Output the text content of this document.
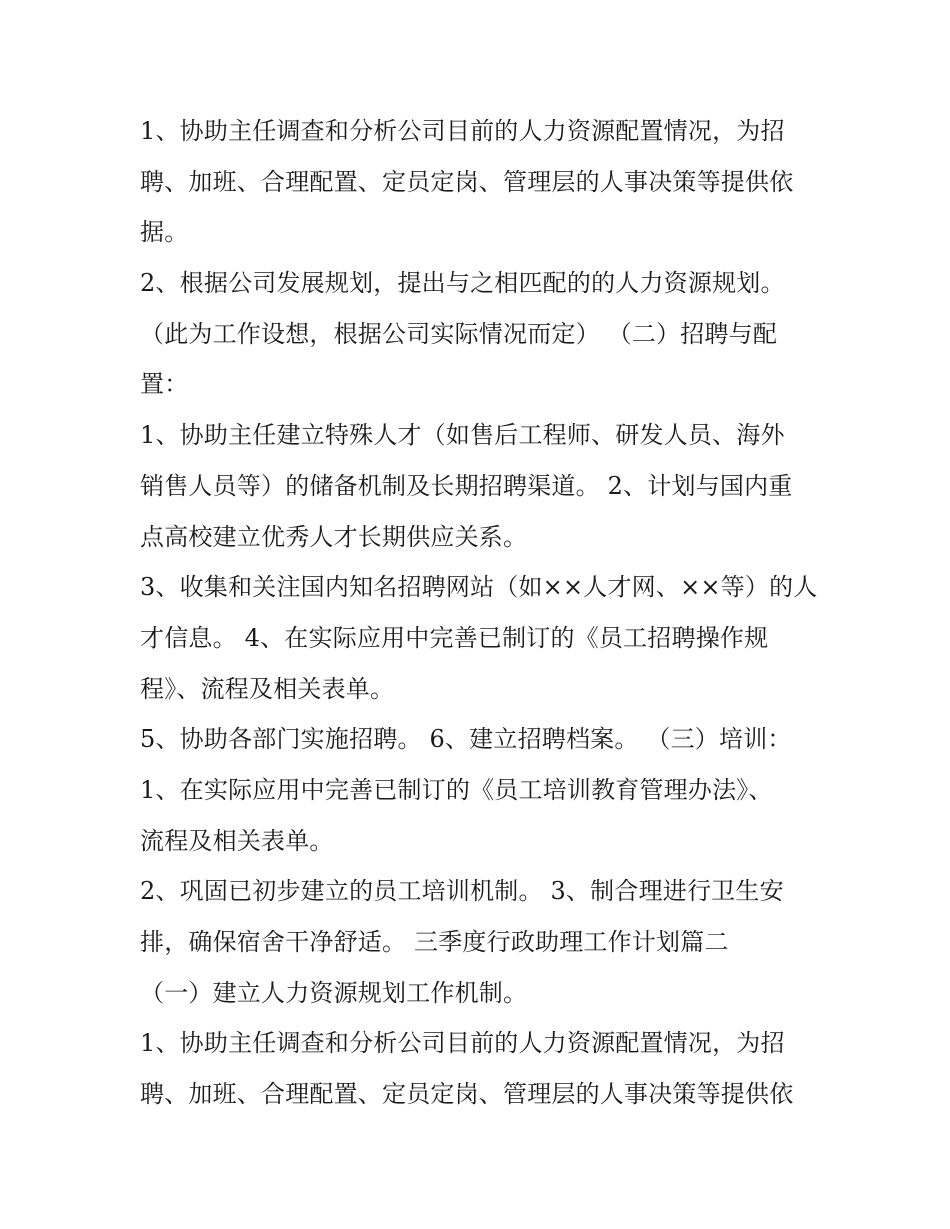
1、协助主任调查和分析公司目前的人力资源配置情况，为招
聘、加班、合理配置、定员定岗、管理层的人事决策等提供依
据。

2、根据公司发展规划，提出与之相匹配的的人力资源规划。
（此为工作设想，根据公司实际情况而定） （二）招聘与配
置：

1、协助主任建立特殊人才（如售后工程师、研发人员、海外
销售人员等）的储备机制及长期招聘渠道。 2、计划与国内重
点高校建立优秀人才长期供应关系。

3、收集和关注国内知名招聘网站（如××人才网、××等）的人
才信息。 4、在实际应用中完善已制订的《员工招聘操作规
程》、流程及相关表单。

5、协助各部门实施招聘。 6、建立招聘档案。 （三）培训：

1、在实际应用中完善已制订的《员工培训教育管理办法》、
流程及相关表单。

2、巩固已初步建立的员工培训机制。 3、制合理进行卫生安
排，确保宿舍干净舒适。 三季度行政助理工作计划篇二
（一）建立人力资源规划工作机制。

1、协助主任调查和分析公司目前的人力资源配置情况，为招
聘、加班、合理配置、定员定岗、管理层的人事决策等提供依
